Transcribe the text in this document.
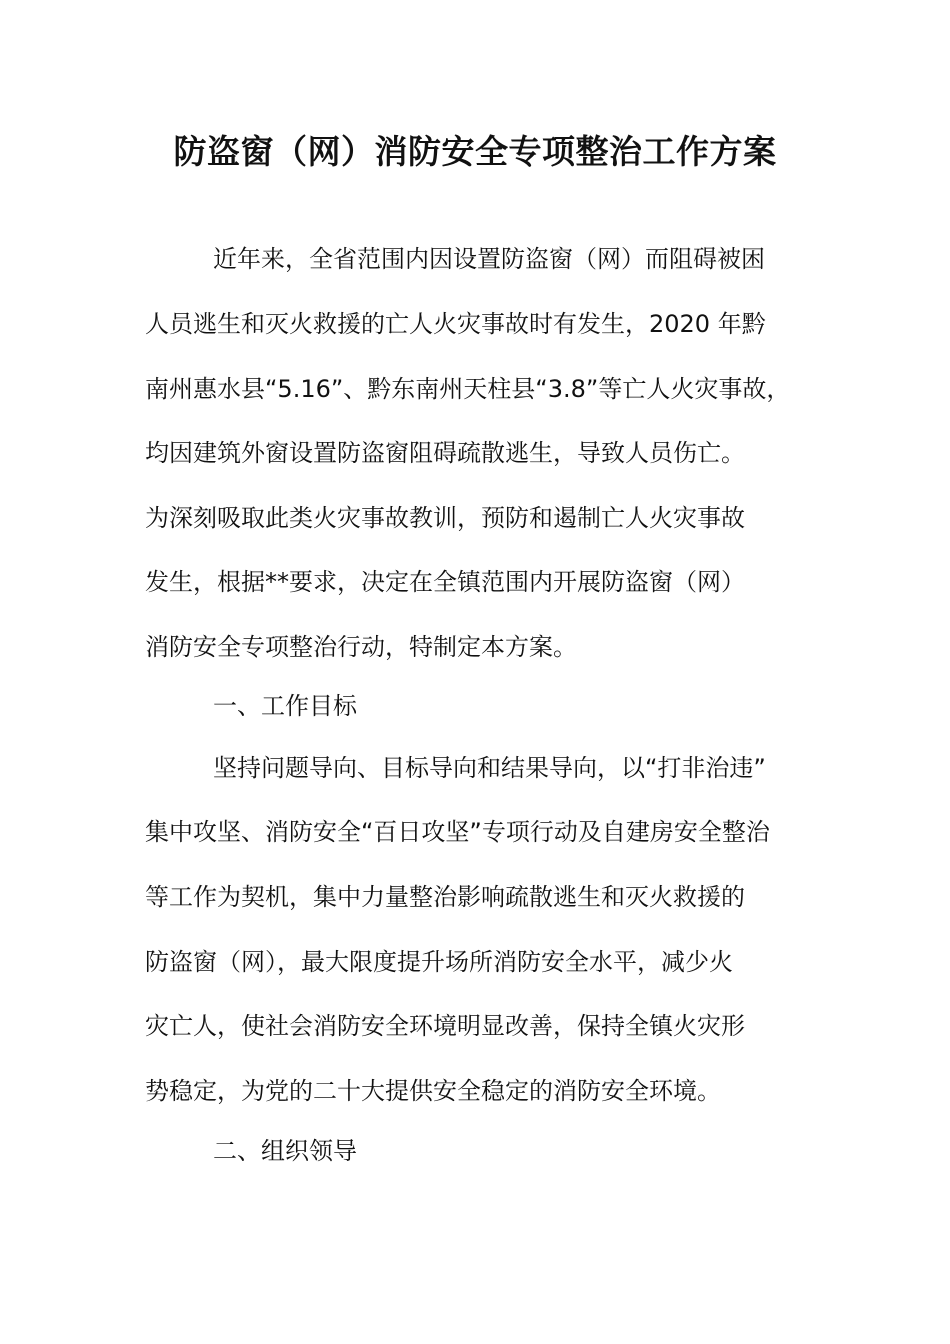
防盗窗（网）消防安全专项整治工作方案

近年来，全省范围内因设置防盗窗（网）而阻碍被困

人员逃生和灭火救援的亡人火灾事故时有发生，2020 年黔

南州惠水县“5.16”、黔东南州天柱县“3.8”等亡人火灾事故，

均因建筑外窗设置防盗窗阻碍疏散逃生，导致人员伤亡。

为深刻吸取此类火灾事故教训，预防和遏制亡人火灾事故

发生，根据**要求，决定在全镇范围内开展防盗窗（网）

消防安全专项整治行动，特制定本方案。

一、工作目标

坚持问题导向、目标导向和结果导向，以“打非治违”

集中攻坚、消防安全“百日攻坚”专项行动及自建房安全整治

等工作为契机，集中力量整治影响疏散逃生和灭火救援的

防盗窗（网），最大限度提升场所消防安全水平，减少火

灾亡人，使社会消防安全环境明显改善，保持全镇火灾形

势稳定，为党的二十大提供安全稳定的消防安全环境。

二、组织领导
